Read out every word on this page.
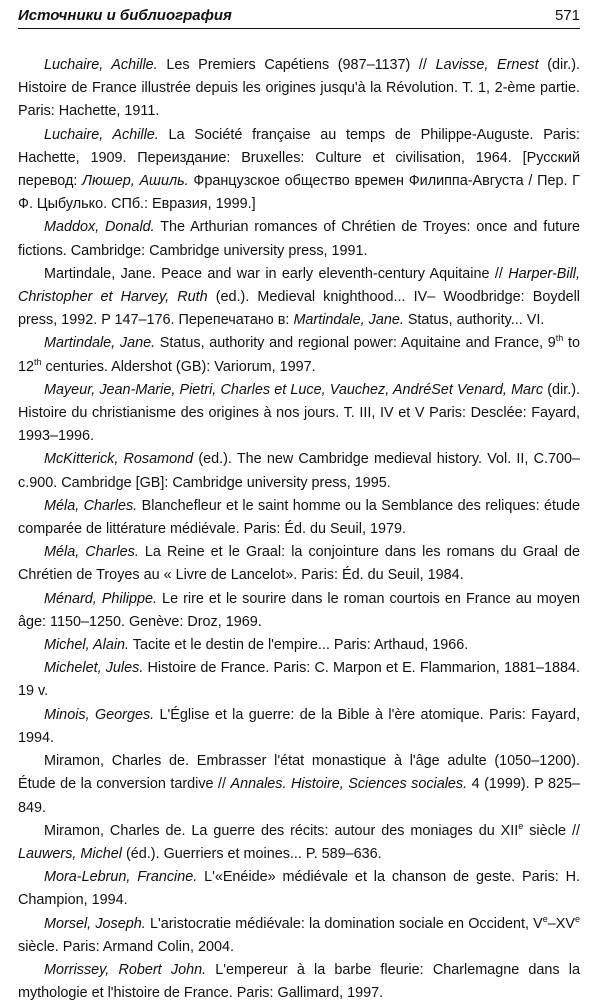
Источники и библиография	571

Luchaire, Achille. Les Premiers Capétiens (987–1137) // Lavisse, Ernest (dir.). Histoire de France illustrée depuis les origines jusqu'à la Révolution. T. 1, 2-ème partie. Paris: Hachette, 1911.

Luchaire, Achille. La Société française au temps de Philippe-Auguste. Paris: Hachette, 1909. Переиздание: Bruxelles: Culture et civilisation, 1964. [Русский перевод: Люшер, Ашиль. Французское общество времен Филиппа-Августа / Пер. Г Ф. Цыбулько. СПб.: Евразия, 1999.]

Maddox, Donald. The Arthurian romances of Chrétien de Troyes: once and future fictions. Cambridge: Cambridge university press, 1991.

Martindale, Jane. Peace and war in early eleventh-century Aquitaine // Harper-Bill, Christopher et Harvey, Ruth (ed.). Medieval knighthood... IV– Woodbridge: Boydell press, 1992. P 147–176. Перепечатано в: Martindale, Jane. Status, authority... VI.

Martindale, Jane. Status, authority and regional power: Aquitaine and France, 9th to 12th centuries. Aldershot (GB): Variorum, 1997.

Mayeur, Jean-Marie, Pietri, Charles et Luce, Vauchez, AndréSet Venard, Marc (dir.). Histoire du christianisme des origines à nos jours. T. III, IV et V Paris: Desclée: Fayard, 1993–1996.

McKitterick, Rosamond (ed.). The new Cambridge medieval history. Vol. II, C.700–c.900. Cambridge [GB]: Cambridge university press, 1995.

Méla, Charles. Blanchefleur et le saint homme ou la Semblance des reliques: étude comparée de littérature médiévale. Paris: Éd. du Seuil, 1979.

Méla, Charles. La Reine et le Graal: la conjointure dans les romans du Graal de Chrétien de Troyes au « Livre de Lancelot». Paris: Éd. du Seuil, 1984.

Ménard, Philippe. Le rire et le sourire dans le roman courtois en France au moyen âge: 1150–1250. Genève: Droz, 1969.

Michel, Alain. Tacite et le destin de l'empire... Paris: Arthaud, 1966.

Michelet, Jules. Histoire de France. Paris: C. Marpon et E. Flammarion, 1881–1884. 19 v.

Minois, Georges. L'Église et la guerre: de la Bible à l'ère atomique. Paris: Fayard, 1994.

Miramon, Charles de. Embrasser l'état monastique à l'âge adulte (1050–1200). Étude de la conversion tardive // Annales. Histoire, Sciences sociales. 4 (1999). P 825–849.

Miramon, Charles de. La guerre des récits: autour des moniages du XIIe siècle // Lauwers, Michel (éd.). Guerriers et moines... P. 589–636.

Mora-Lebrun, Francine. L'«Enéide» médiévale et la chanson de geste. Paris: H. Champion, 1994.

Morsel, Joseph. L'aristocratie médiévale: la domination sociale en Occident, Ve–XVe siècle. Paris: Armand Colin, 2004.

Morrissey, Robert John. L'empereur à la barbe fleurie: Charlemagne dans la mythologie et l'histoire de France. Paris: Gallimard, 1997.
